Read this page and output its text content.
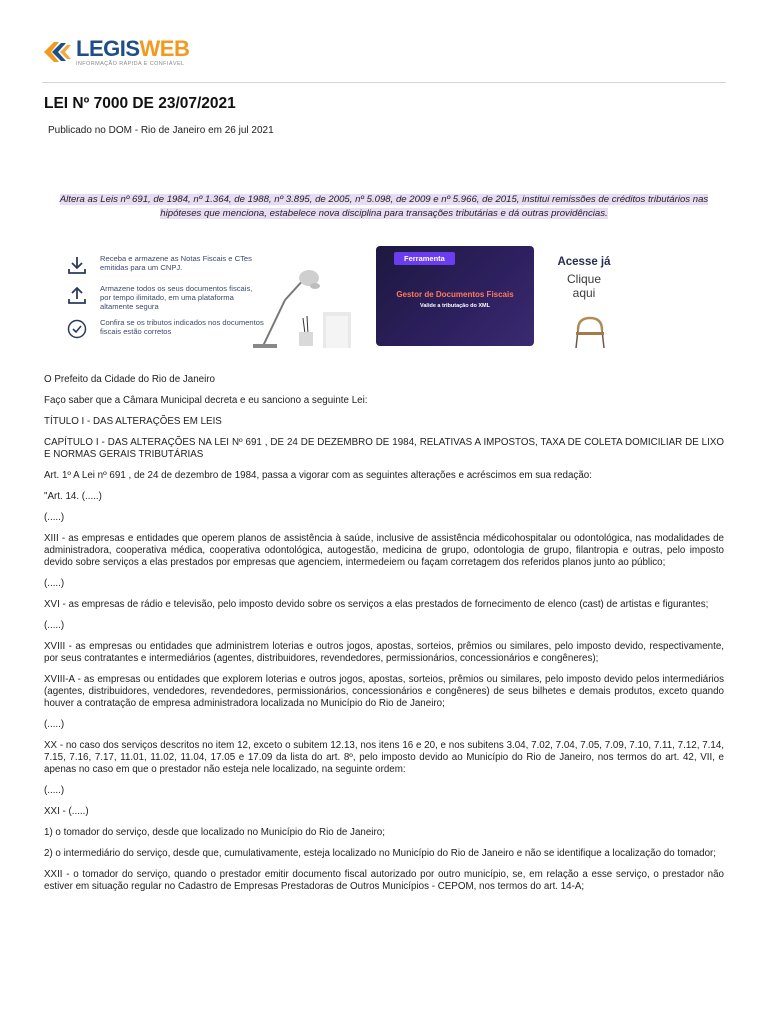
LEGISWEB
INFORMAÇÃO RÁPIDA E CONFIÁVEL
LEI Nº 7000 DE 23/07/2021
Publicado no DOM - Rio de Janeiro em 26 jul 2021
Altera as Leis nº 691, de 1984, nº 1.364, de 1988, nº 3.895, de 2005, nº 5.098, de 2009 e nº 5.966, de 2015, institui remissões de créditos tributários nas hipóteses que menciona, estabelece nova disciplina para transações tributárias e dá outras providências.
Receba e armazene as Notas Fiscais e CTes emitidas para um CNPJ.
Armazene todos os seus documentos fiscais, por tempo ilimitado, em uma plataforma altamente segura
Confira se os tributos indicados nos documentos fiscais estão corretos
Ferramenta
Gestor de Documentos Fiscais
Valide a tributação do XML
Acesse já
Clique
aqui

O Prefeito da Cidade do Rio de Janeiro

Faço saber que a Câmara Municipal decreta e eu sanciono a seguinte Lei:

TÍTULO I - DAS ALTERAÇÕES EM LEIS

CAPÍTULO I - DAS ALTERAÇÕES NA LEI Nº 691 , DE 24 DE DEZEMBRO DE 1984, RELATIVAS A IMPOSTOS, TAXA DE COLETA DOMICILIAR DE LIXO E NORMAS GERAIS TRIBUTÁRIAS

Art. 1º A Lei nº 691 , de 24 de dezembro de 1984, passa a vigorar com as seguintes alterações e acréscimos em sua redação:

"Art. 14. (.....)

(.....)

XIII - as empresas e entidades que operem planos de assistência à saúde, inclusive de assistência médicohospitalar ou odontológica, nas modalidades de administradora, cooperativa médica, cooperativa odontológica, autogestão, medicina de grupo, odontologia de grupo, filantropia e outras, pelo imposto devido sobre serviços a elas prestados por empresas que agenciem, intermedeiem ou façam corretagem dos referidos planos junto ao público;

(.....)

XVI - as empresas de rádio e televisão, pelo imposto devido sobre os serviços a elas prestados de fornecimento de elenco (cast) de artistas e figurantes;

(.....)

XVIII - as empresas ou entidades que administrem loterias e outros jogos, apostas, sorteios, prêmios ou similares, pelo imposto devido, respectivamente, por seus contratantes e intermediários (agentes, distribuidores, revendedores, permissionários, concessionários e congêneres);

XVIII-A - as empresas ou entidades que explorem loterias e outros jogos, apostas, sorteios, prêmios ou similares, pelo imposto devido pelos intermediários (agentes, distribuidores, vendedores, revendedores, permissionários, concessionários e congêneres) de seus bilhetes e demais produtos, exceto quando houver a contratação de empresa administradora localizada no Município do Rio de Janeiro;

(.....)

XX - no caso dos serviços descritos no item 12, exceto o subitem 12.13, nos itens 16 e 20, e nos subitens 3.04, 7.02, 7.04, 7.05, 7.09, 7.10, 7.11, 7.12, 7.14, 7.15, 7.16, 7.17, 11.01, 11.02, 11.04, 17.05 e 17.09 da lista do art. 8º, pelo imposto devido ao Município do Rio de Janeiro, nos termos do art. 42, VII, e apenas no caso em que o prestador não esteja nele localizado, na seguinte ordem:

(.....)

XXI - (.....)

1) o tomador do serviço, desde que localizado no Município do Rio de Janeiro;

2) o intermediário do serviço, desde que, cumulativamente, esteja localizado no Município do Rio de Janeiro e não se identifique a localização do tomador;

XXII - o tomador do serviço, quando o prestador emitir documento fiscal autorizado por outro município, se, em relação a esse serviço, o prestador não estiver em situação regular no Cadastro de Empresas Prestadoras de Outros Municípios - CEPOM, nos termos do art. 14-A;
